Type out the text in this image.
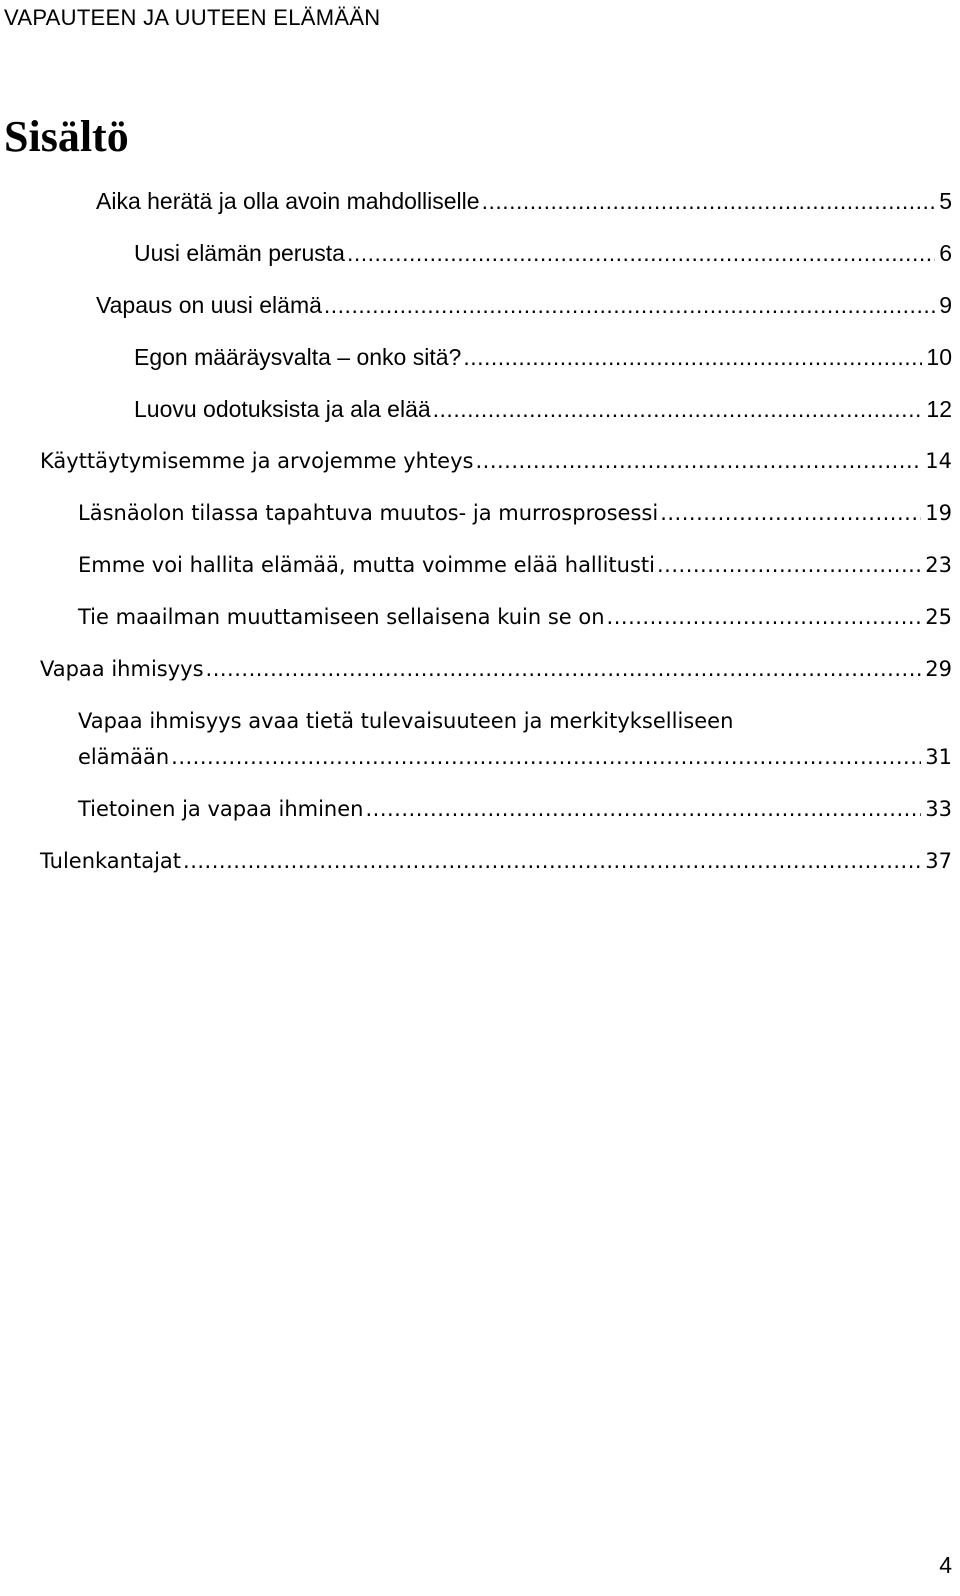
VAPAUTEEN JA UUTEEN ELÄMÄÄN
Sisältö
Aika herätä ja olla avoin mahdolliselle .....	5
Uusi elämän perusta .....	6
Vapaus on uusi elämä .....	9
Egon määräysvalta – onko sitä? .....	10
Luovu odotuksista ja ala elää .....	12
Käyttäytymisemme ja arvojemme yhteys .....	14
Läsnäolon tilassa tapahtuva muutos- ja murrosprosessi .....	19
Emme voi hallita elämää, mutta voimme elää hallitusti .....	23
Tie maailman muuttamiseen sellaisena kuin se on .....	25
Vapaa ihmisyys .....	29
Vapaa ihmisyys avaa tietä tulevaisuuteen ja merkitykselliseen
elämään .....	31
Tietoinen ja vapaa ihminen .....	33
Tulenkantajat .....	37
4
